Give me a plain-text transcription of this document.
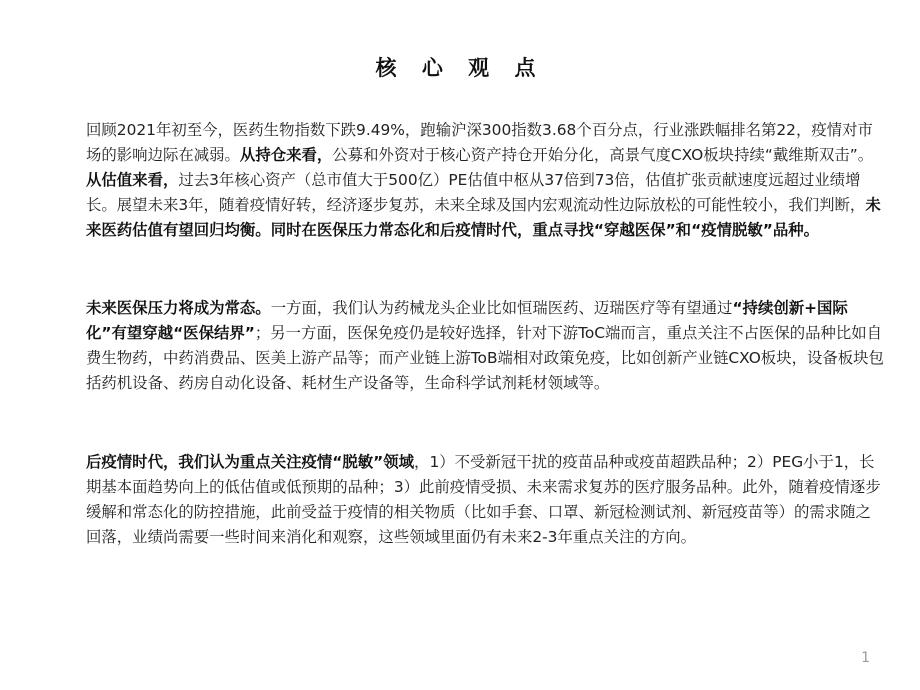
核 心 观 点
回顾2021年初至今，医药生物指数下跌9.49%，跑输沪深300指数3.68个百分点，行业涨跌幅排名第22，疫情对市场的影响边际在减弱。从持仓来看，公募和外资对于核心资产持仓开始分化，高景气度CXO板块持续“戴维斯双击”。从估值来看，过去3年核心资产（总市值大于500亿）PE估值中枢从37倍到73倍，估值扩张贡献速度远超过业绩增长。展望未来3年，随着疫情好转，经济逐步复苏，未来全球及国内宏观流动性边际放松的可能性较小，我们判断，未来医药估值有望回归均衡。同时在医保压力常态化和后疫情时代，重点寻找“穿越医保”和“疫情脱敏”品种。
未来医保压力将成为常态。一方面，我们认为药械龙头企业比如恒瑞医药、迈瑞医疗等有望通过“持续创新+国际化”有望穿越“医保结界”；另一方面，医保免疫仍是较好选择，针对下游ToC端而言，重点关注不占医保的品种比如自费生物药，中药消费品、医美上游产品等；而产业链上游ToB端相对政策免疫，比如创新产业链CXO板块，设备板块包括药机设备、药房自动化设备、耗材生产设备等，生命科学试剂耗材领域等。
后疫情时代，我们认为重点关注疫情“脱敏”领域，1）不受新冠干扰的疫苗品种或疫苗超跌品种；2）PEG小于1，长期基本面趋势向上的低估值或低预期的品种；3）此前疫情受损、未来需求复苏的医疗服务品种。此外，随着疫情逐步缓解和常态化的防控措施，此前受益于疫情的相关物质（比如手套、口罩、新冠检测试剂、新冠疫苗等）的需求随之回落，业绩尚需要一些时间来消化和观察，这些领域里面仍有未来2-3年重点关注的方向。
1
